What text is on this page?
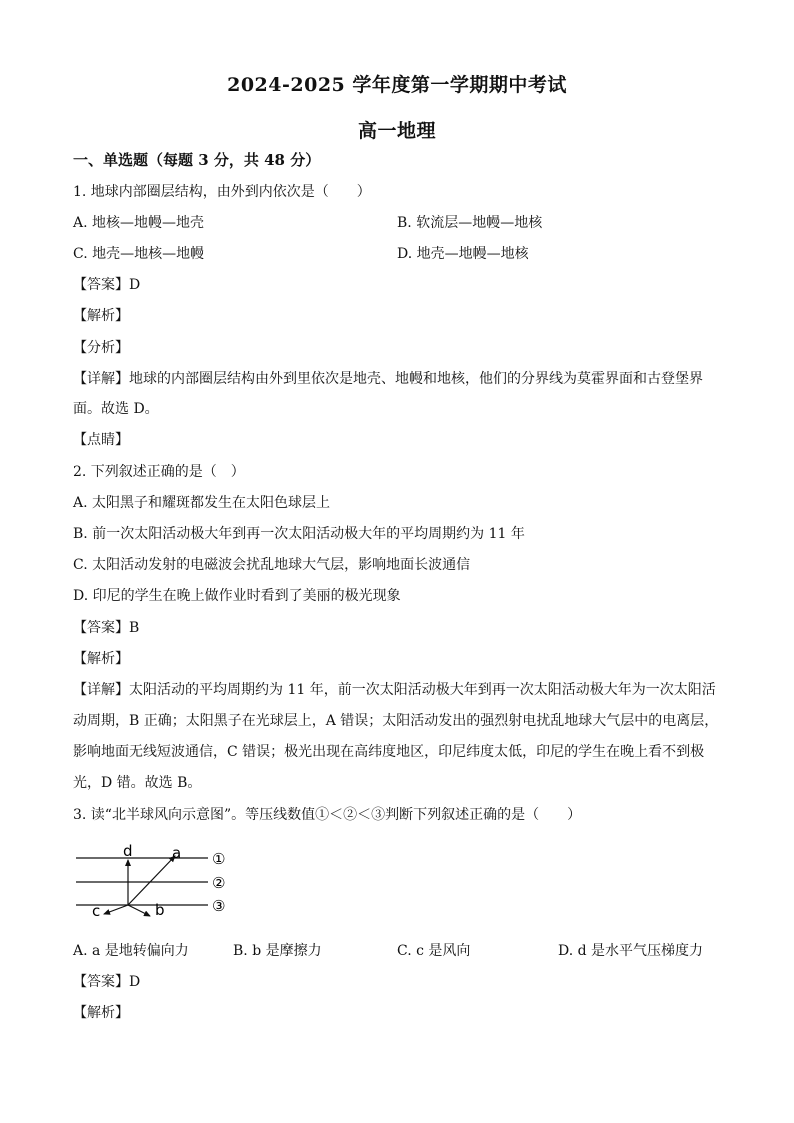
2024-2025 学年度第一学期期中考试
高一地理
一、单选题（每题 3 分，共 48 分）
1. 地球内部圈层结构，由外到内依次是（　　）
A. 地核—地幔—地壳	B. 软流层—地幔—地核
C. 地壳—地核—地幔	D. 地壳—地幔—地核
【答案】D
【解析】
【分析】
【详解】地球的内部圈层结构由外到里依次是地壳、地幔和地核，他们的分界线为莫霍界面和古登堡界
面。故选 D。
【点睛】
2. 下列叙述正确的是（　）
A. 太阳黑子和耀斑都发生在太阳色球层上
B. 前一次太阳活动极大年到再一次太阳活动极大年的平均周期约为 11 年
C. 太阳活动发射的电磁波会扰乱地球大气层，影响地面长波通信
D. 印尼的学生在晚上做作业时看到了美丽的极光现象
【答案】B
【解析】
【详解】太阳活动的平均周期约为 11 年，前一次太阳活动极大年到再一次太阳活动极大年为一次太阳活
动周期，B 正确；太阳黑子在光球层上，A 错误；太阳活动发出的强烈射电扰乱地球大气层中的电离层，
影响地面无线短波通信，C 错误；极光出现在高纬度地区，印尼纬度太低，印尼的学生在晚上看不到极
光，D 错。故选 B。
3. 读“北半球风向示意图”。等压线数值①＜②＜③判断下列叙述正确的是（　　）
d	a
c	b
①
②
③
A. a 是地转偏向力	B. b 是摩擦力	C. c 是风向	D. d 是水平气压梯度力
【答案】D
【解析】
